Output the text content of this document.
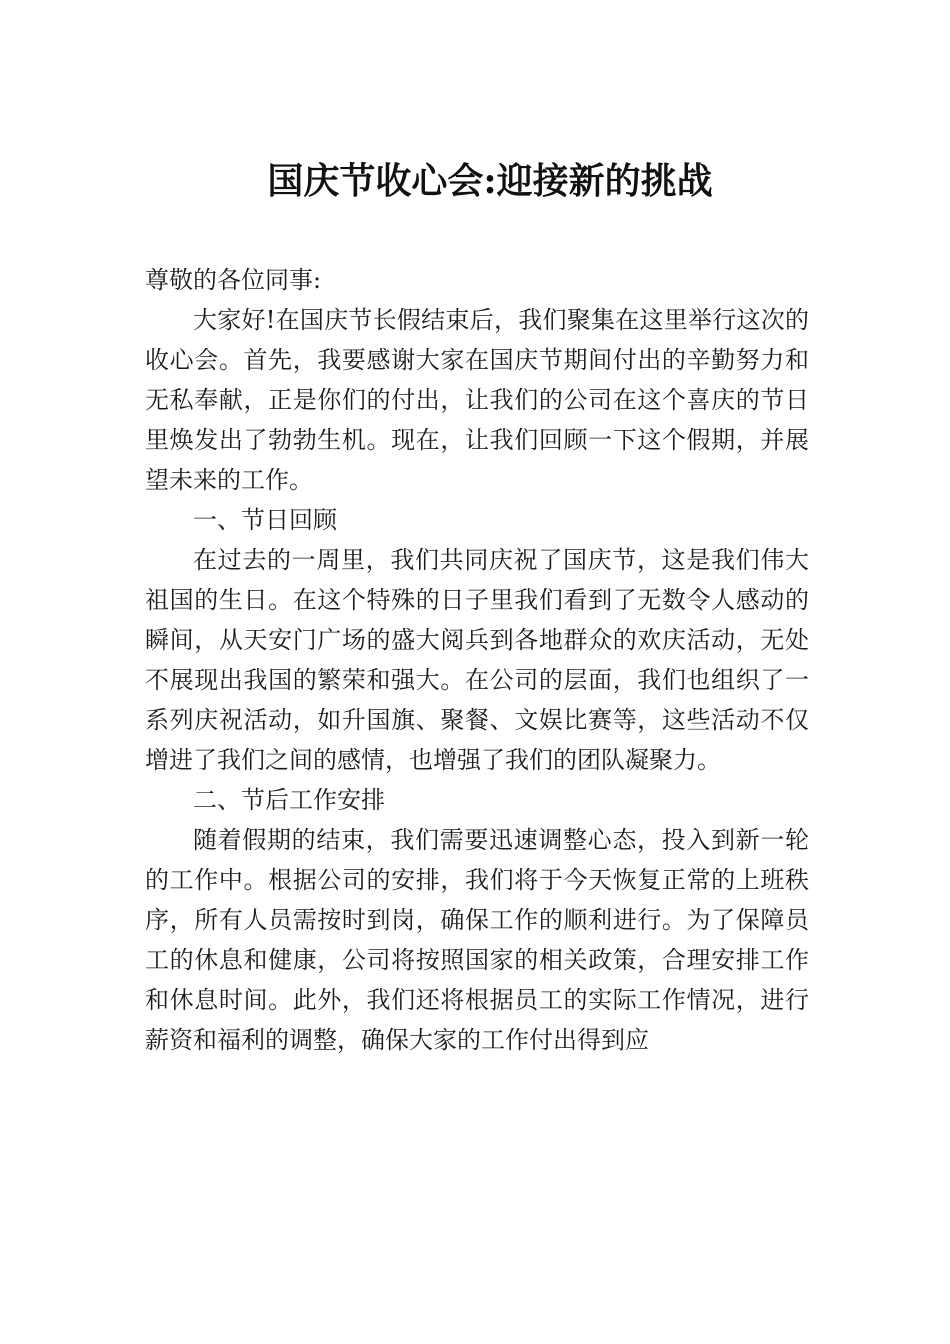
国庆节收心会:迎接新的挑战

尊敬的各位同事:

大家好!在国庆节长假结束后，我们聚集在这里举行这次的收心会。首先，我要感谢大家在国庆节期间付出的辛勤努力和无私奉献，正是你们的付出，让我们的公司在这个喜庆的节日里焕发出了勃勃生机。现在，让我们回顾一下这个假期，并展望未来的工作。

一、节日回顾

在过去的一周里，我们共同庆祝了国庆节，这是我们伟大祖国的生日。在这个特殊的日子里我们看到了无数令人感动的瞬间，从天安门广场的盛大阅兵到各地群众的欢庆活动，无处不展现出我国的繁荣和强大。在公司的层面，我们也组织了一系列庆祝活动，如升国旗、聚餐、文娱比赛等，这些活动不仅增进了我们之间的感情，也增强了我们的团队凝聚力。

二、节后工作安排

随着假期的结束，我们需要迅速调整心态，投入到新一轮的工作中。根据公司的安排，我们将于今天恢复正常的上班秩序，所有人员需按时到岗，确保工作的顺利进行。为了保障员工的休息和健康，公司将按照国家的相关政策，合理安排工作和休息时间。此外，我们还将根据员工的实际工作情况，进行薪资和福利的调整，确保大家的工作付出得到应
